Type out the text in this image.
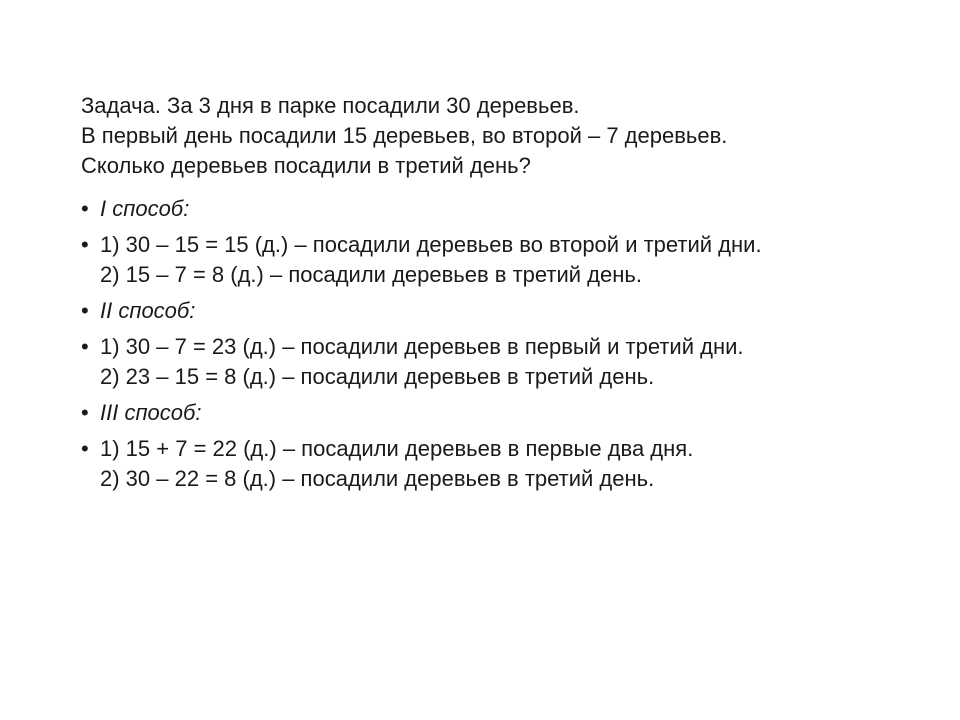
Задача. За 3 дня в парке посадили 30 деревьев.
В первый день посадили 15 деревьев, во второй – 7 деревьев.
Сколько деревьев посадили в третий день?
• I способ:
• 1) 30 – 15 = 15 (д.) – посадили деревьев во второй и третий дни.
2) 15 – 7 = 8 (д.) – посадили деревьев в третий день.
• II способ:
• 1) 30 – 7 = 23 (д.) – посадили деревьев в первый и третий дни.
2) 23 – 15 = 8 (д.) – посадили деревьев в третий день.
• III способ:
• 1) 15 + 7 = 22 (д.) – посадили деревьев в первые два дня.
2) 30 – 22 = 8 (д.) – посадили деревьев в третий день.
